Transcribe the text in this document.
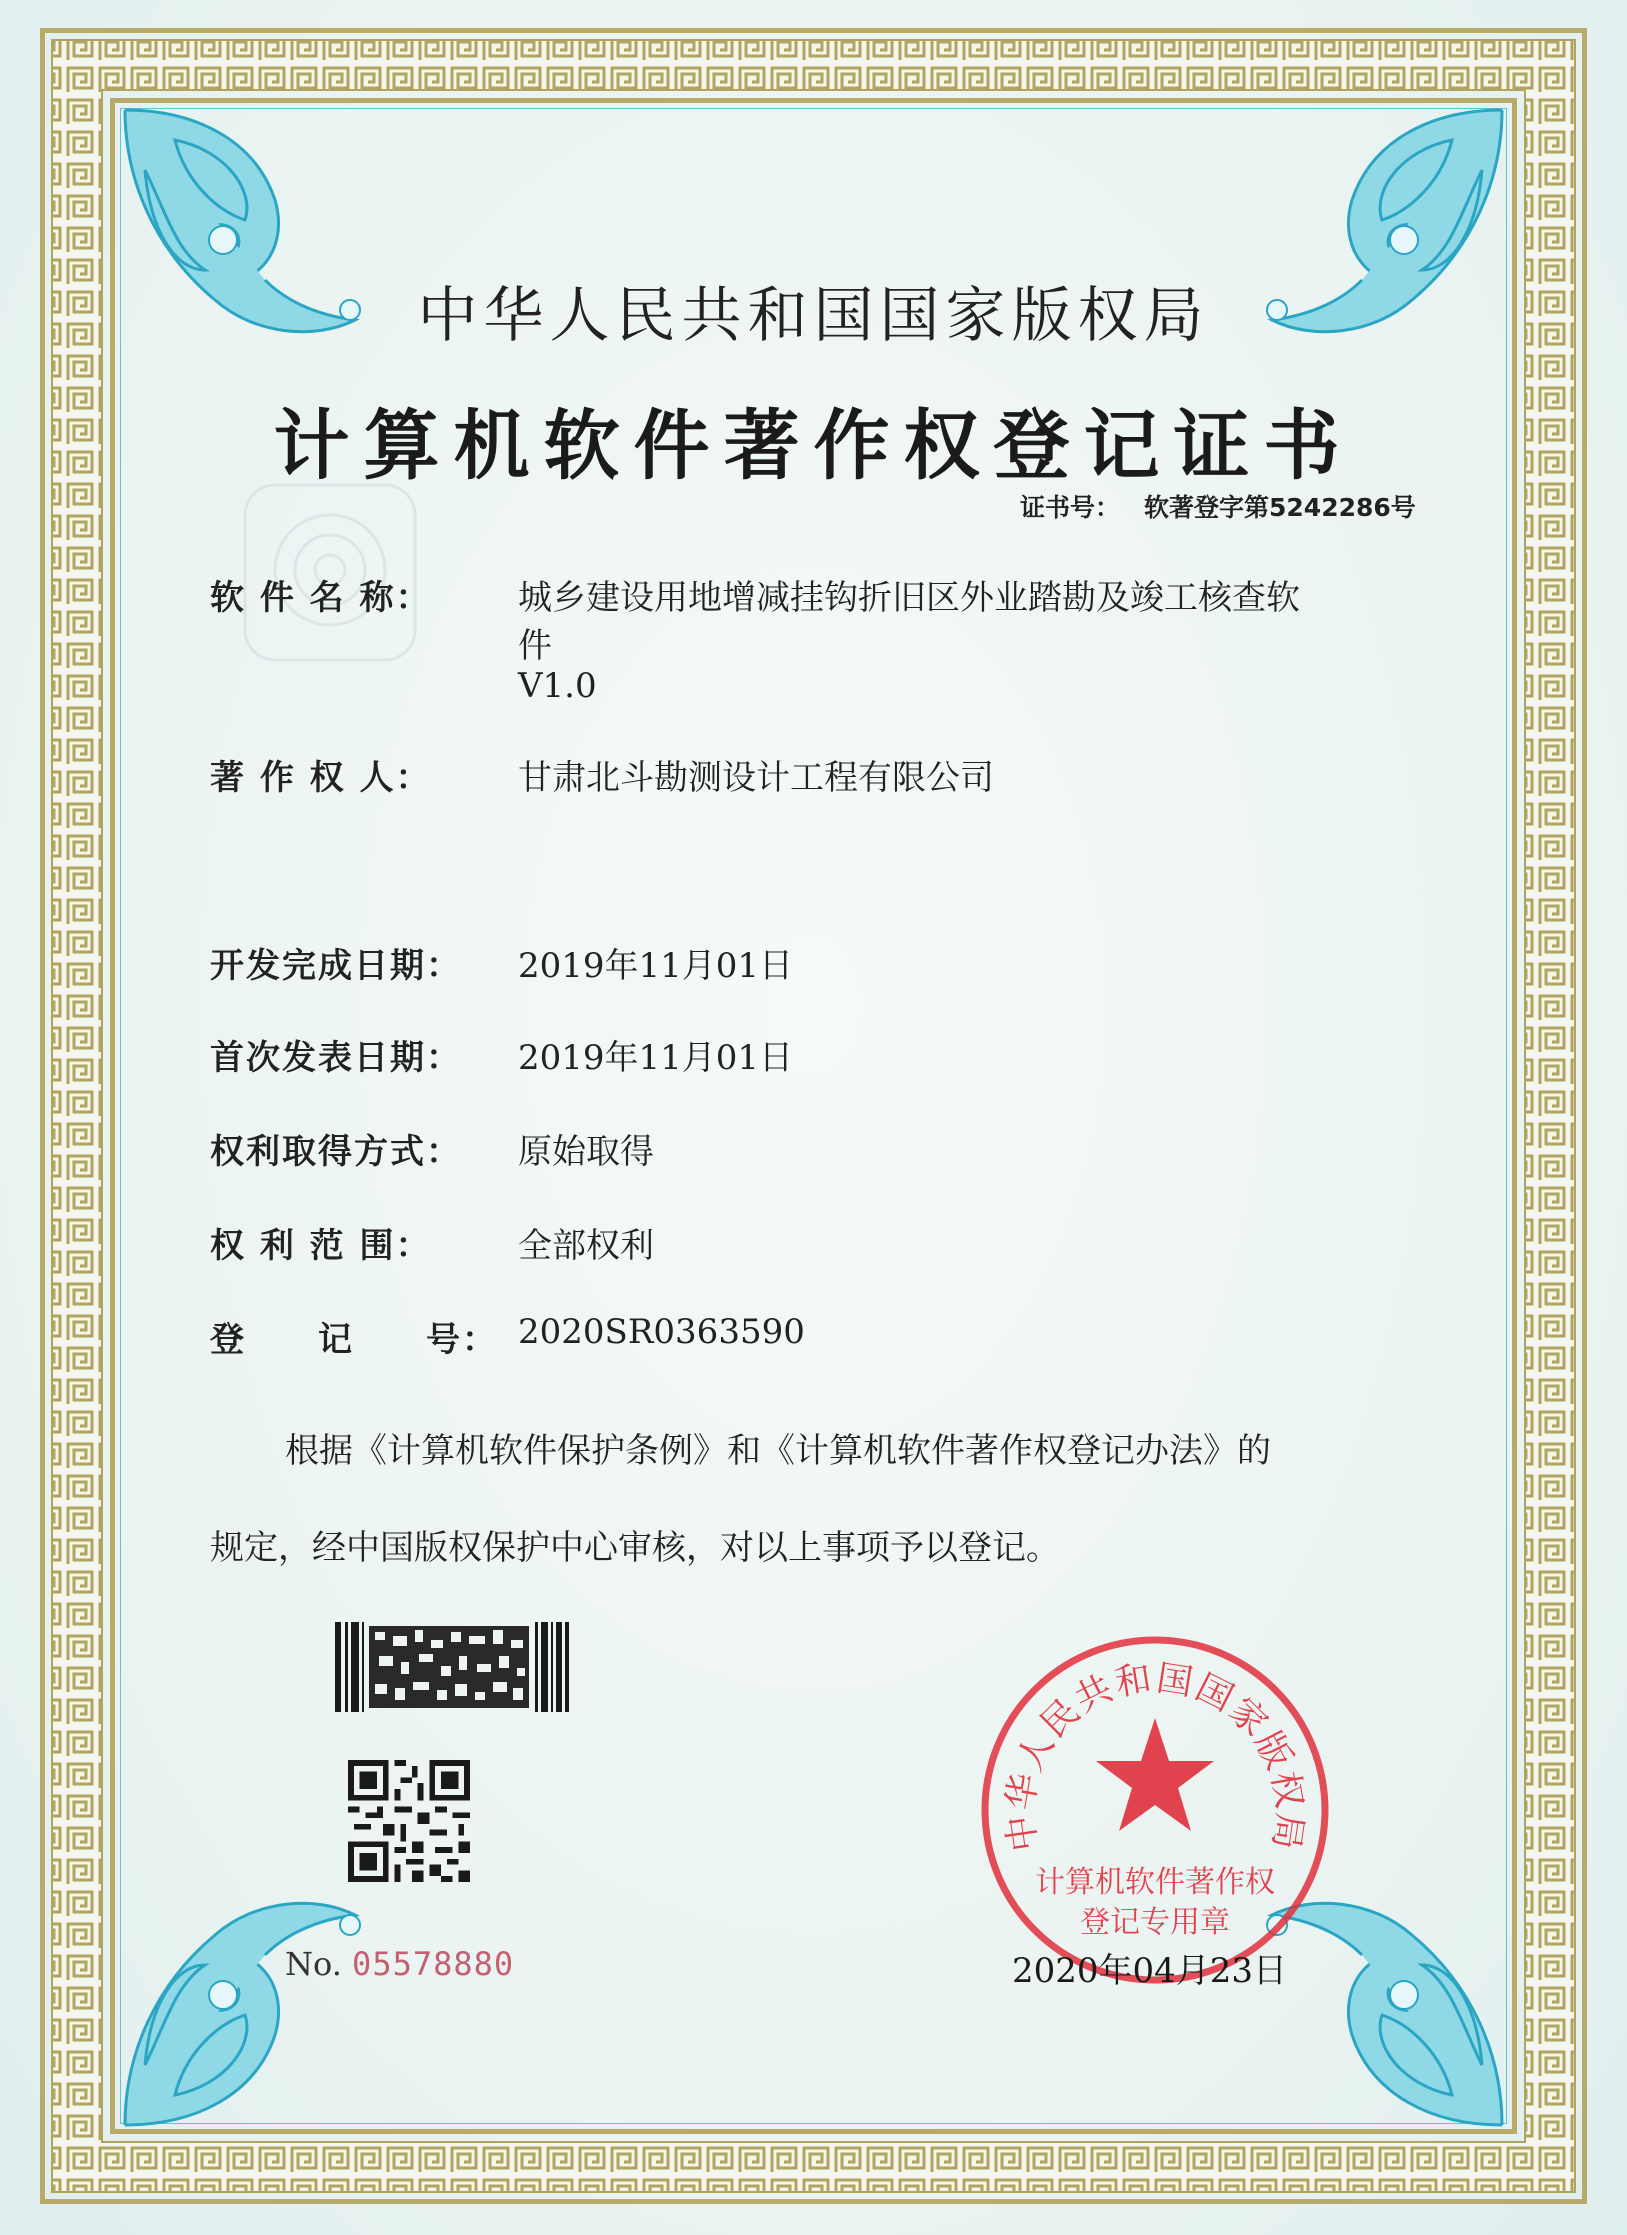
中华人民共和国国家版权局
计算机软件著作权登记证书
证书号： 软著登字第5242286号
软 件 名 称：	城乡建设用地增减挂钩折旧区外业踏勘及竣工核查软
件
V1.0
著 作 权 人：	甘肃北斗勘测设计工程有限公司
开发完成日期： 2019年11月01日
首次发表日期： 2019年11月01日
权利取得方式： 原始取得
权 利 范 围：	全部权利
登　　记　　号： 2020SR0363590
根据《计算机软件保护条例》和《计算机软件著作权登记办法》的
规定，经中国版权保护中心审核，对以上事项予以登记。
No. 05578880
中华人民共和国国家版权局
计算机软件著作权
登记专用章
2020年04月23日
